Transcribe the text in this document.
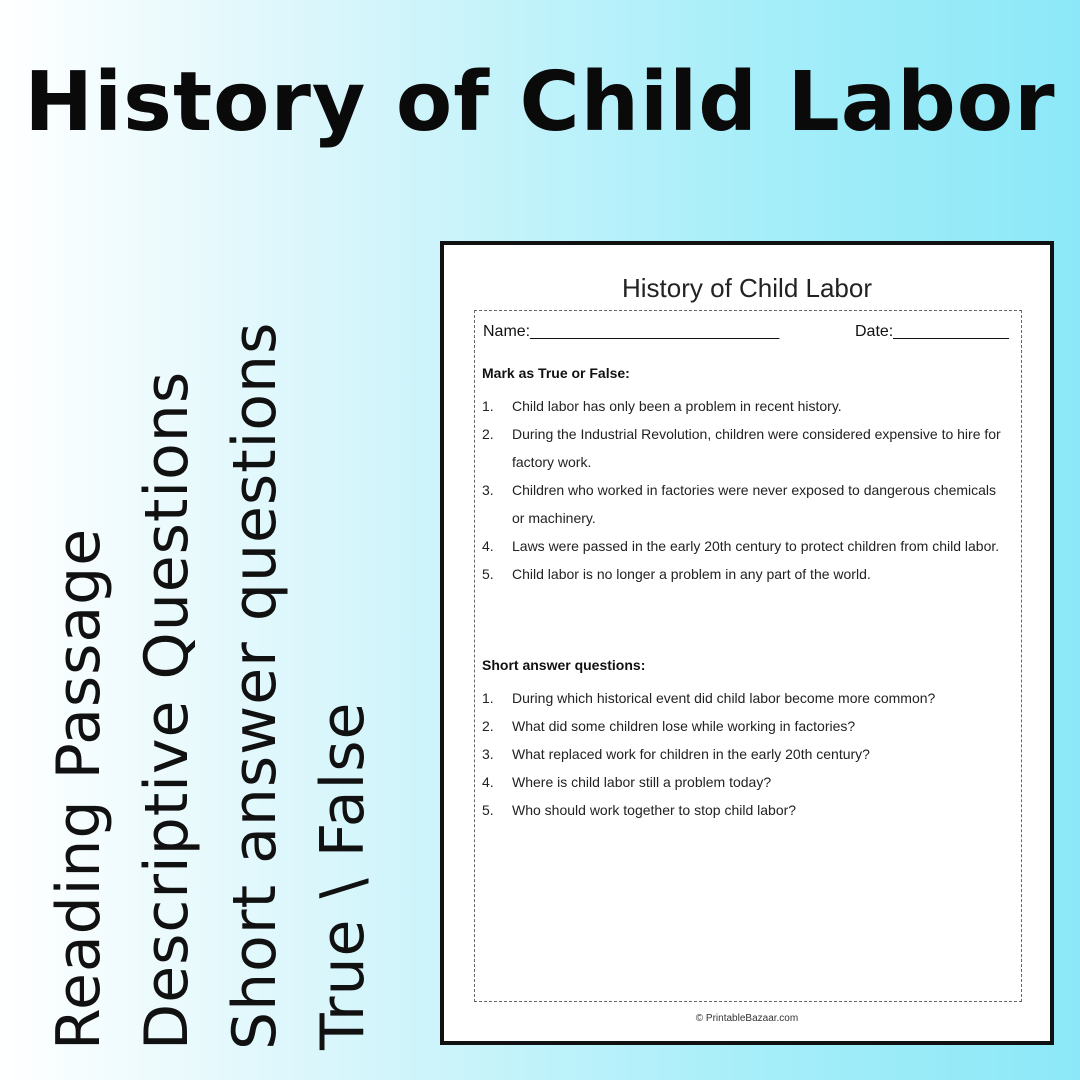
History of Child Labor
Reading Passage Descriptive Questions Short answer questions True \ False
History of Child Labor
Name:____________________________	Date:_____________
Mark as True or False:
1. Child labor has only been a problem in recent history.
2. During the Industrial Revolution, children were considered expensive to hire for factory work.
3. Children who worked in factories were never exposed to dangerous chemicals or machinery.
4. Laws were passed in the early 20th century to protect children from child labor.
5. Child labor is no longer a problem in any part of the world.
Short answer questions:
1. During which historical event did child labor become more common?
2. What did some children lose while working in factories?
3. What replaced work for children in the early 20th century?
4. Where is child labor still a problem today?
5. Who should work together to stop child labor?
© PrintableBazaar.com
